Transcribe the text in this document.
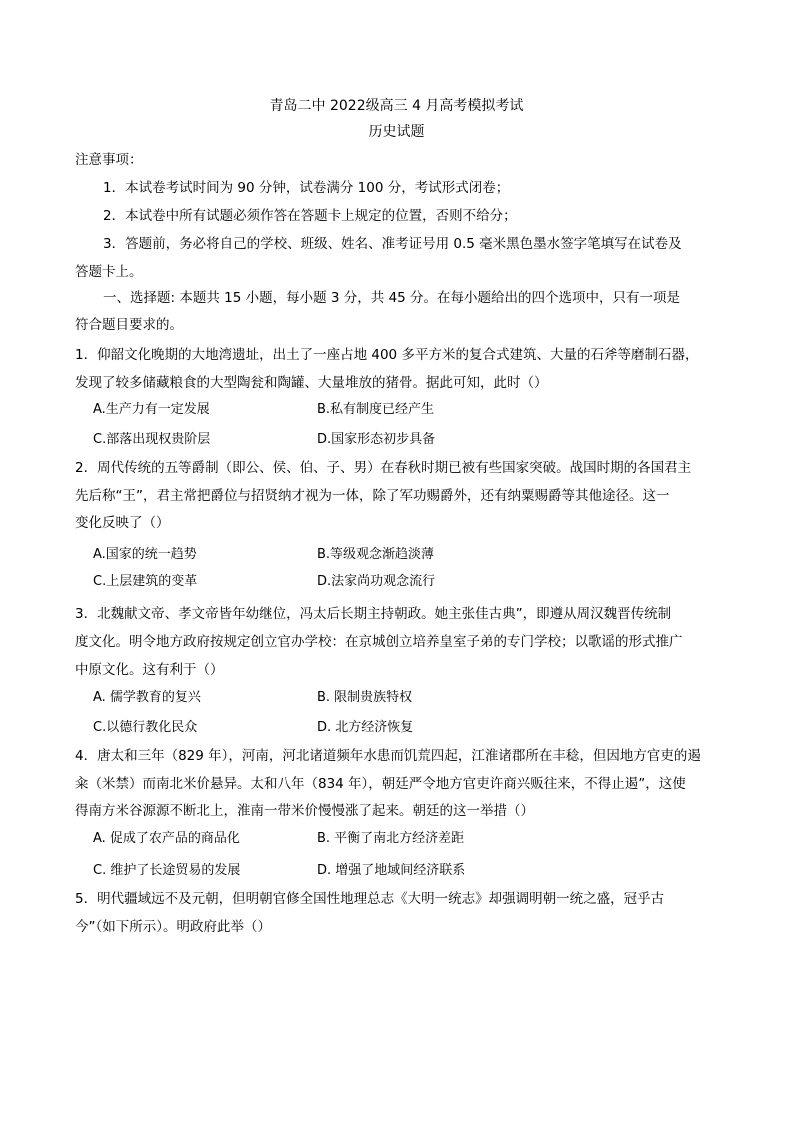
青岛二中 2022级高三 4 月高考模拟考试
历史试题
注意事项：
1．本试卷考试时间为 90 分钟，试卷满分 100 分，考试形式闭卷；
2．本试卷中所有试题必须作答在答题卡上规定的位置，否则不给分；
3．答题前，务必将自己的学校、班级、姓名、准考证号用 0.5 毫米黑色墨水签字笔填写在试卷及
答题卡上。
一、选择题: 本题共 15 小题，每小题 3 分，共 45 分。在每小题给出的四个选项中，只有一项是
符合题目要求的。
1．仰韶文化晚期的大地湾遗址，出土了一座占地 400 多平方米的复合式建筑、大量的石斧等磨制石器，
发现了较多储藏粮食的大型陶瓮和陶罐、大量堆放的猪骨。据此可知，此时（）
A.生产力有一定发展	B.私有制度已经产生
C.部落出现权贵阶层	D.国家形态初步具备
2．周代传统的五等爵制（即公、侯、伯、子、男）在春秋时期已被有些国家突破。战国时期的各国君主
先后称“王”，君主常把爵位与招贤纳才视为一体，除了军功赐爵外，还有纳粟赐爵等其他途径。这一
变化反映了（）
A.国家的统一趋势	B.等级观念渐趋淡薄
C.上层建筑的变革	D.法家尚功观念流行
3．北魏献文帝、孝文帝皆年幼继位，冯太后长期主持朝政。她主张佳古典”，即遵从周汉魏晋传统制
度文化。明令地方政府按规定创立官办学校：在京城创立培养皇室子弟的专门学校；以歌谣的形式推广
中原文化。这有利于（）
A. 儒学教育的复兴	B. 限制贵族特权
C.以德行教化民众	D. 北方经济恢复
4．唐太和三年（829 年），河南，河北诸道频年水患而饥荒四起，江淮诸郡所在丰稔，但因地方官吏的遏
籴（米禁）而南北米价悬异。太和八年（834 年），朝廷严令地方官吏许商兴贩往来，不得止遏”，这使
得南方米谷源源不断北上，淮南一带米价慢慢涨了起来。朝廷的这一举措（）
A. 促成了农产品的商品化	B. 平衡了南北方经济差距
C. 维护了长途贸易的发展	D. 增强了地域间经济联系
5．明代疆域远不及元朝，但明朝官修全国性地理总志《大明一统志》却强调明朝一统之盛，冠乎古
今”（如下所示）。明政府此举（）
